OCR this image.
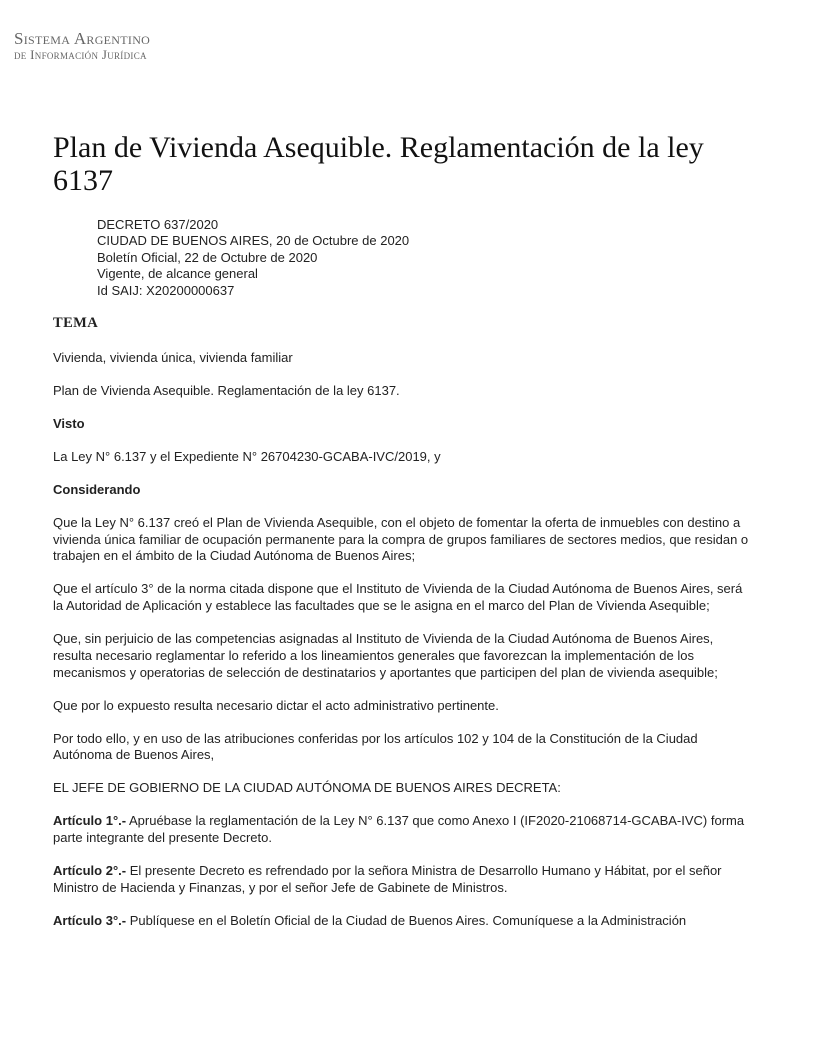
Sistema Argentino
de Información Jurídica
Plan de Vivienda Asequible. Reglamentación de la ley 6137
DECRETO 637/2020
CIUDAD DE BUENOS AIRES, 20 de Octubre de 2020
Boletín Oficial, 22 de Octubre de 2020
Vigente, de alcance general
Id SAIJ: X20200000637
TEMA

Vivienda, vivienda única, vivienda familiar

Plan de Vivienda Asequible. Reglamentación de la ley 6137.

Visto

La Ley N° 6.137 y el Expediente N° 26704230-GCABA-IVC/2019, y

Considerando

Que la Ley N° 6.137 creó el Plan de Vivienda Asequible, con el objeto de fomentar la oferta de inmuebles con destino a vivienda única familiar de ocupación permanente para la compra de grupos familiares de sectores medios, que residan o trabajen en el ámbito de la Ciudad Autónoma de Buenos Aires;

Que el artículo 3° de la norma citada dispone que el Instituto de Vivienda de la Ciudad Autónoma de Buenos Aires, será la Autoridad de Aplicación y establece las facultades que se le asigna en el marco del Plan de Vivienda Asequible;

Que, sin perjuicio de las competencias asignadas al Instituto de Vivienda de la Ciudad Autónoma de Buenos Aires, resulta necesario reglamentar lo referido a los lineamientos generales que favorezcan la implementación de los mecanismos y operatorias de selección de destinatarios y aportantes que participen del plan de vivienda asequible;

Que por lo expuesto resulta necesario dictar el acto administrativo pertinente.

Por todo ello, y en uso de las atribuciones conferidas por los artículos 102 y 104 de la Constitución de la Ciudad Autónoma de Buenos Aires,

EL JEFE DE GOBIERNO DE LA CIUDAD AUTÓNOMA DE BUENOS AIRES DECRETA:

Artículo 1°.- Apruébase la reglamentación de la Ley N° 6.137 que como Anexo I (IF2020-21068714-GCABA-IVC) forma parte integrante del presente Decreto.

Artículo 2°.- El presente Decreto es refrendado por la señora Ministra de Desarrollo Humano y Hábitat, por el señor Ministro de Hacienda y Finanzas, y por el señor Jefe de Gabinete de Ministros.

Artículo 3°.- Publíquese en el Boletín Oficial de la Ciudad de Buenos Aires. Comuníquese a la Administración
